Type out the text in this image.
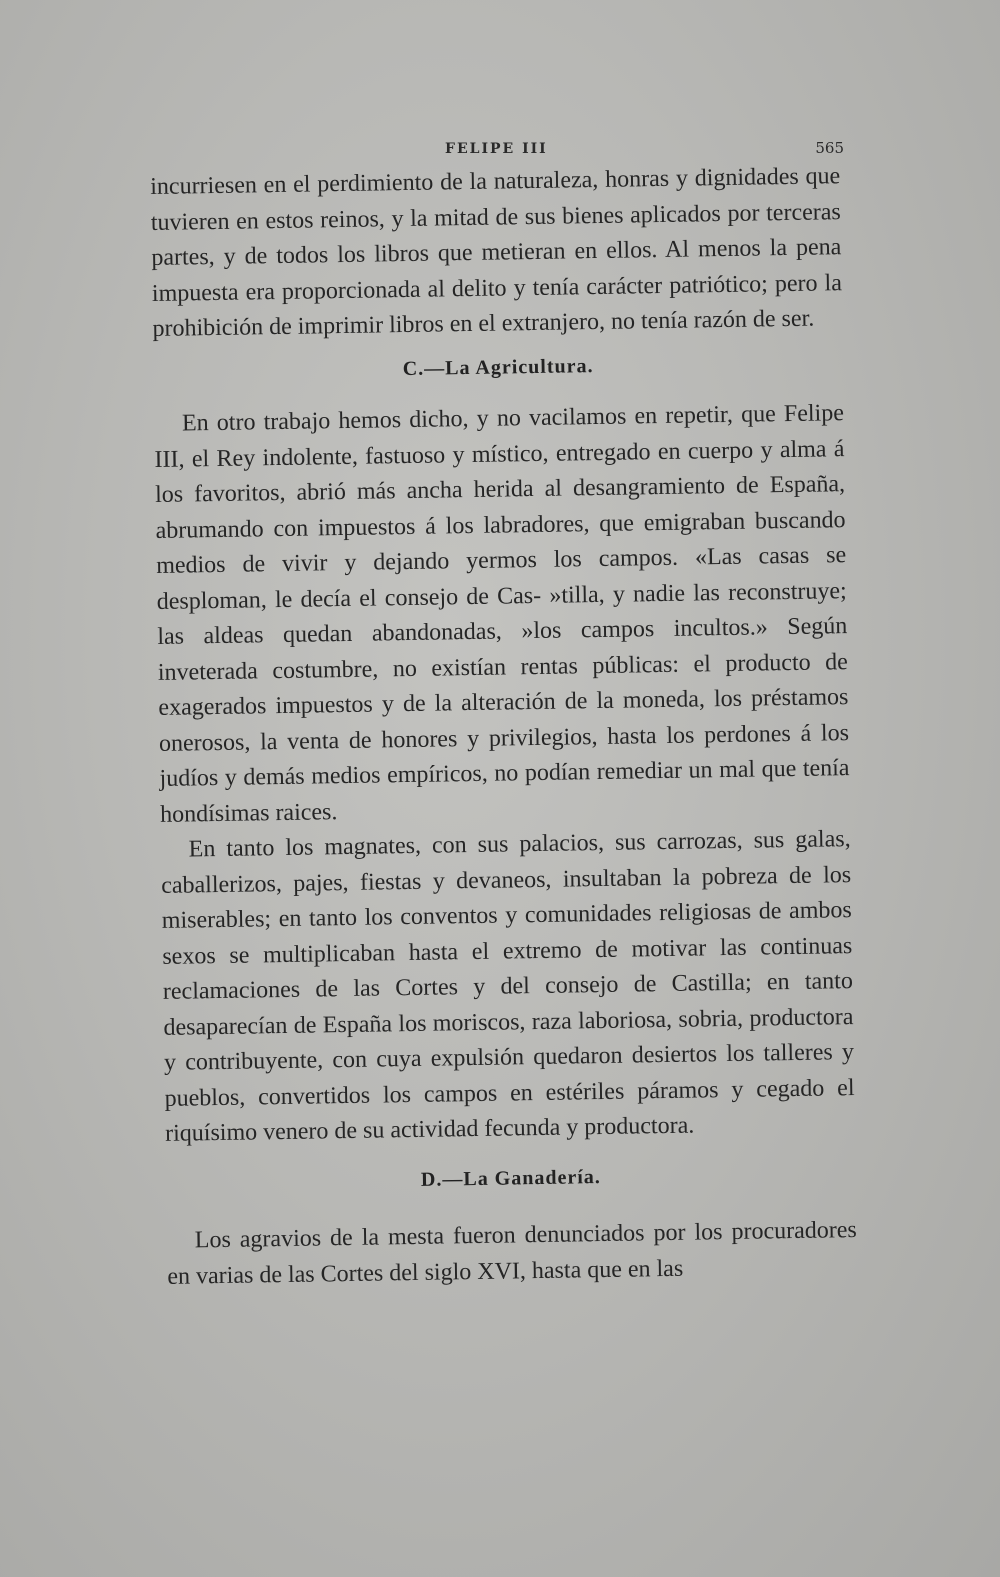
FELIPE III	565

incurriesen en el perdimiento de la naturaleza, honras y dignidades que tuvieren en estos reinos, y la mitad de sus bienes aplicados por terceras partes, y de todos los libros que metieran en ellos. Al menos la pena impuesta era proporcionada al delito y tenía carácter patriótico; pero la prohibición de imprimir libros en el extranjero, no tenía razón de ser.

C.—La Agricultura.

En otro trabajo hemos dicho, y no vacilamos en repetir, que Felipe III, el Rey indolente, fastuoso y místico, entregado en cuerpo y alma á los favoritos, abrió más ancha herida al desangramiento de España, abrumando con impuestos á los labradores, que emigraban buscando medios de vivir y dejando yermos los campos. «Las casas se desploman, le decía el consejo de Cas- »tilla, y nadie las reconstruye; las aldeas quedan abandonadas, »los campos incultos.» Según inveterada costumbre, no existían rentas públicas: el producto de exagerados impuestos y de la alteración de la moneda, los préstamos onerosos, la venta de honores y privilegios, hasta los perdones á los judíos y demás medios empíricos, no podían remediar un mal que tenía hondísimas raices.

En tanto los magnates, con sus palacios, sus carrozas, sus galas, caballerizos, pajes, fiestas y devaneos, insultaban la pobreza de los miserables; en tanto los conventos y comunidades religiosas de ambos sexos se multiplicaban hasta el extremo de motivar las continuas reclamaciones de las Cortes y del consejo de Castilla; en tanto desaparecían de España los moriscos, raza laboriosa, sobria, productora y contribuyente, con cuya expulsión quedaron desiertos los talleres y pueblos, convertidos los campos en estériles páramos y cegado el riquísimo venero de su actividad fecunda y productora.

D.—La Ganadería.

Los agravios de la mesta fueron denunciados por los procuradores en varias de las Cortes del siglo XVI, hasta que en las
